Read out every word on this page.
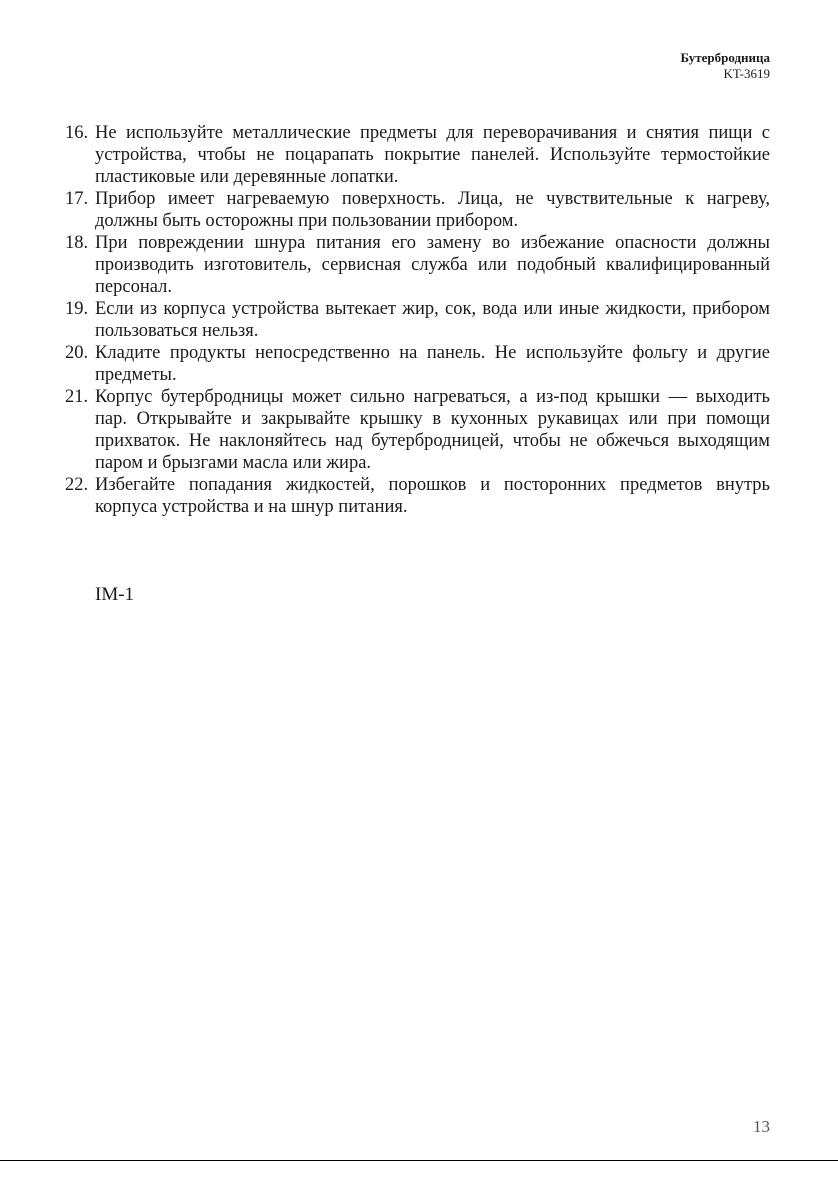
Бутербродница
KT-3619
16. Не используйте металлические предметы для переворачивания и снятия пищи с устройства, чтобы не поцарапать покрытие панелей. Используйте термостойкие пластиковые или деревянные лопатки.
17. Прибор имеет нагреваемую поверхность. Лица, не чувствительные к нагреву, должны быть осторожны при пользовании прибором.
18. При повреждении шнура питания его замену во избежание опасности должны производить изготовитель, сервисная служба или подобный квалифицированный персонал.
19. Если из корпуса устройства вытекает жир, сок, вода или иные жидкости, прибором пользоваться нельзя.
20. Кладите продукты непосредственно на панель. Не используйте фольгу и другие предметы.
21. Корпус бутербродницы может сильно нагреваться, а из-под крышки — выходить пар. Открывайте и закрывайте крышку в кухонных рукавицах или при помощи прихваток. Не наклоняйтесь над бутербродницей, чтобы не обжечься выходящим паром и брызгами масла или жира.
22. Избегайте попадания жидкостей, порошков и посторонних предметов внутрь корпуса устройства и на шнур питания.
IM-1
13
